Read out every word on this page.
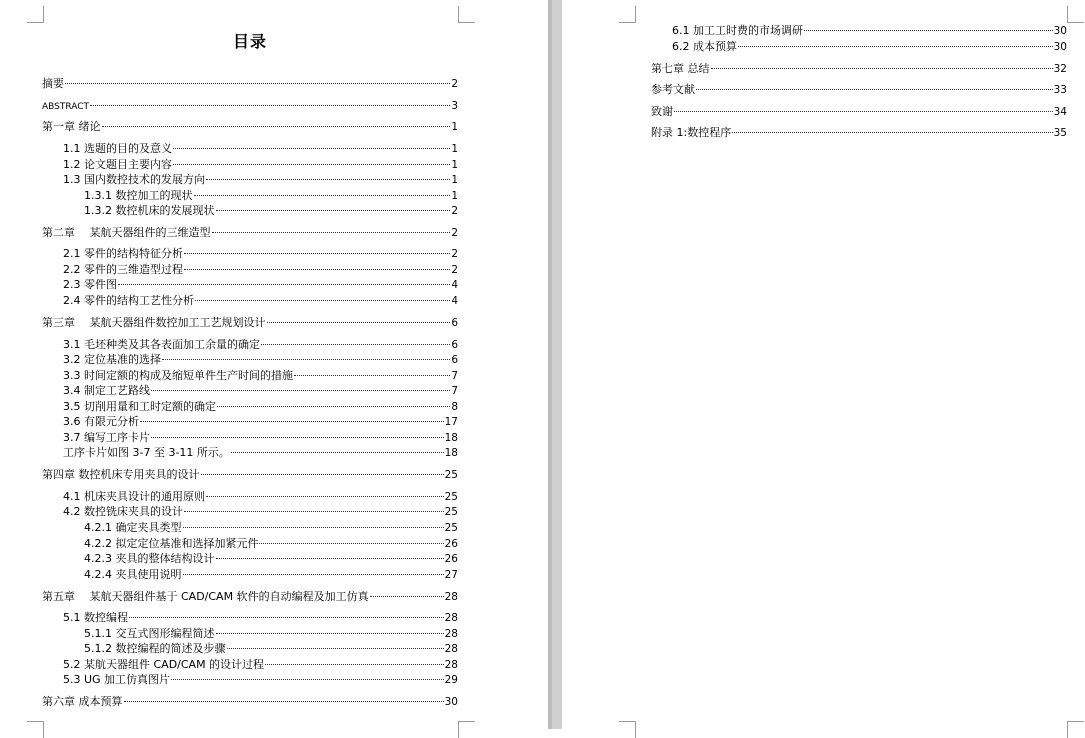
目录
摘要	2
ABSTRACT	3
第一章 绪论	1
1.1 选题的目的及意义	1
1.2 论文题目主要内容	1
1.3 国内数控技术的发展方向	1
1.3.1 数控加工的现状	1
1.3.2 数控机床的发展现状	2
第二章　 某航天器组件的三维造型	2
2.1 零件的结构特征分析	2
2.2 零件的三维造型过程	2
2.3 零件图	4
2.4 零件的结构工艺性分析	4
第三章　 某航天器组件数控加工工艺规划设计	6
3.1 毛坯种类及其各表面加工余量的确定	6
3.2 定位基准的选择	6
3.3 时间定额的构成及缩短单件生产时间的措施	7
3.4 制定工艺路线	7
3.5 切削用量和工时定额的确定	8
3.6 有限元分析	17
3.7 编写工序卡片	18
工序卡片如图 3-7 至 3-11 所示。	18
第四章 数控机床专用夹具的设计	25
4.1 机床夹具设计的通用原则	25
4.2 数控铣床夹具的设计	25
4.2.1 确定夹具类型	25
4.2.2 拟定定位基准和选择加紧元件	26
4.2.3 夹具的整体结构设计	26
4.2.4 夹具使用说明	27
第五章　 某航天器组件基于 CAD/CAM 软件的自动编程及加工仿真	28
5.1 数控编程	28
5.1.1 交互式图形编程简述	28
5.1.2 数控编程的简述及步骤	28
5.2 某航天器组件 CAD/CAM 的设计过程	28
5.3 UG 加工仿真图片	29
第六章 成本预算	30
6.1 加工工时费的市场调研	30
6.2 成本预算	30
第七章 总结	32
参考文献	33
致谢	34
附录 1:数控程序	35
